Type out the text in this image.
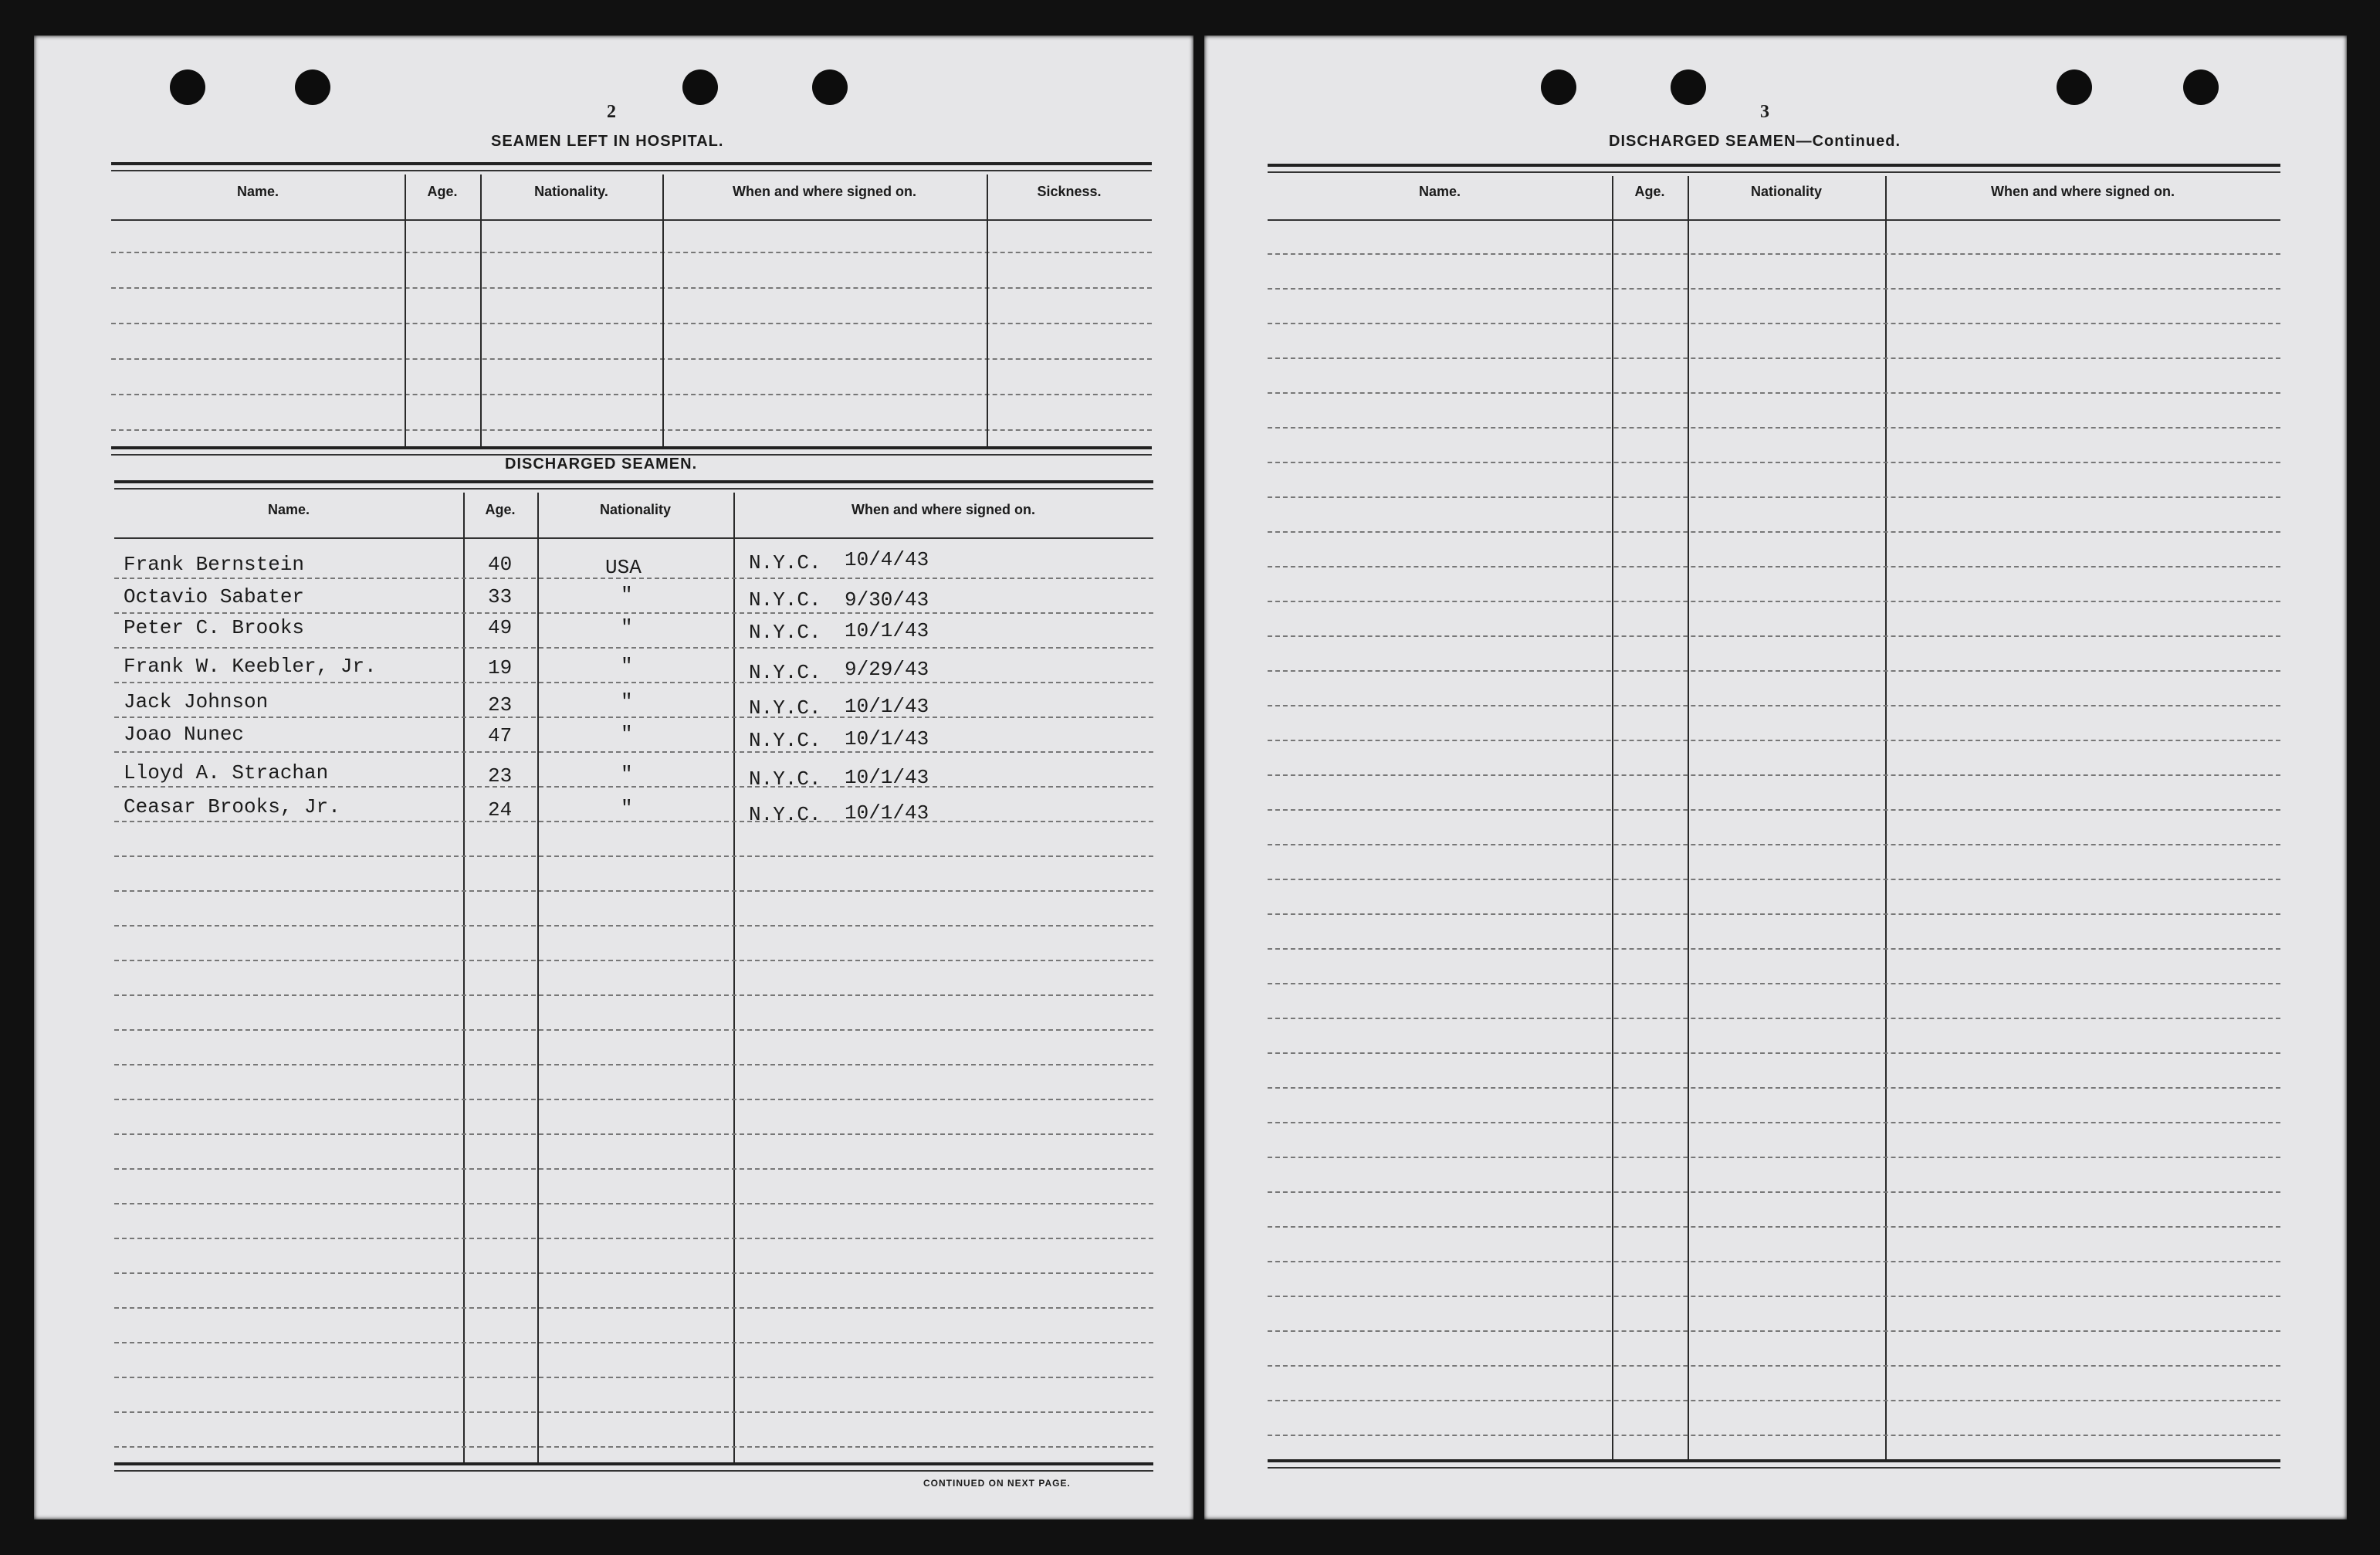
2
SEAMEN LEFT IN HOSPITAL.
Name.	Age.	Nationality.	When and where signed on.	Sickness.
DISCHARGED SEAMEN.
Name.	Age.	Nationality	When and where signed on.
Frank Bernstein	40	USA	N.Y.C. 10/4/43
Octavio Sabater	33	"	N.Y.C. 9/30/43
Peter C. Brooks	49	"	N.Y.C. 10/1/43
Frank W. Keebler, Jr.	19	"	N.Y.C. 9/29/43
Jack Johnson	23	"	N.Y.C. 10/1/43
Joao Nunec	47	"	N.Y.C. 10/1/43
Lloyd A. Strachan	23	"	N.Y.C. 10/1/43
Ceasar Brooks, Jr.	24	"	N.Y.C. 10/1/43
CONTINUED ON NEXT PAGE.
3
DISCHARGED SEAMEN—Continued.
Name.	Age.	Nationality	When and where signed on.
